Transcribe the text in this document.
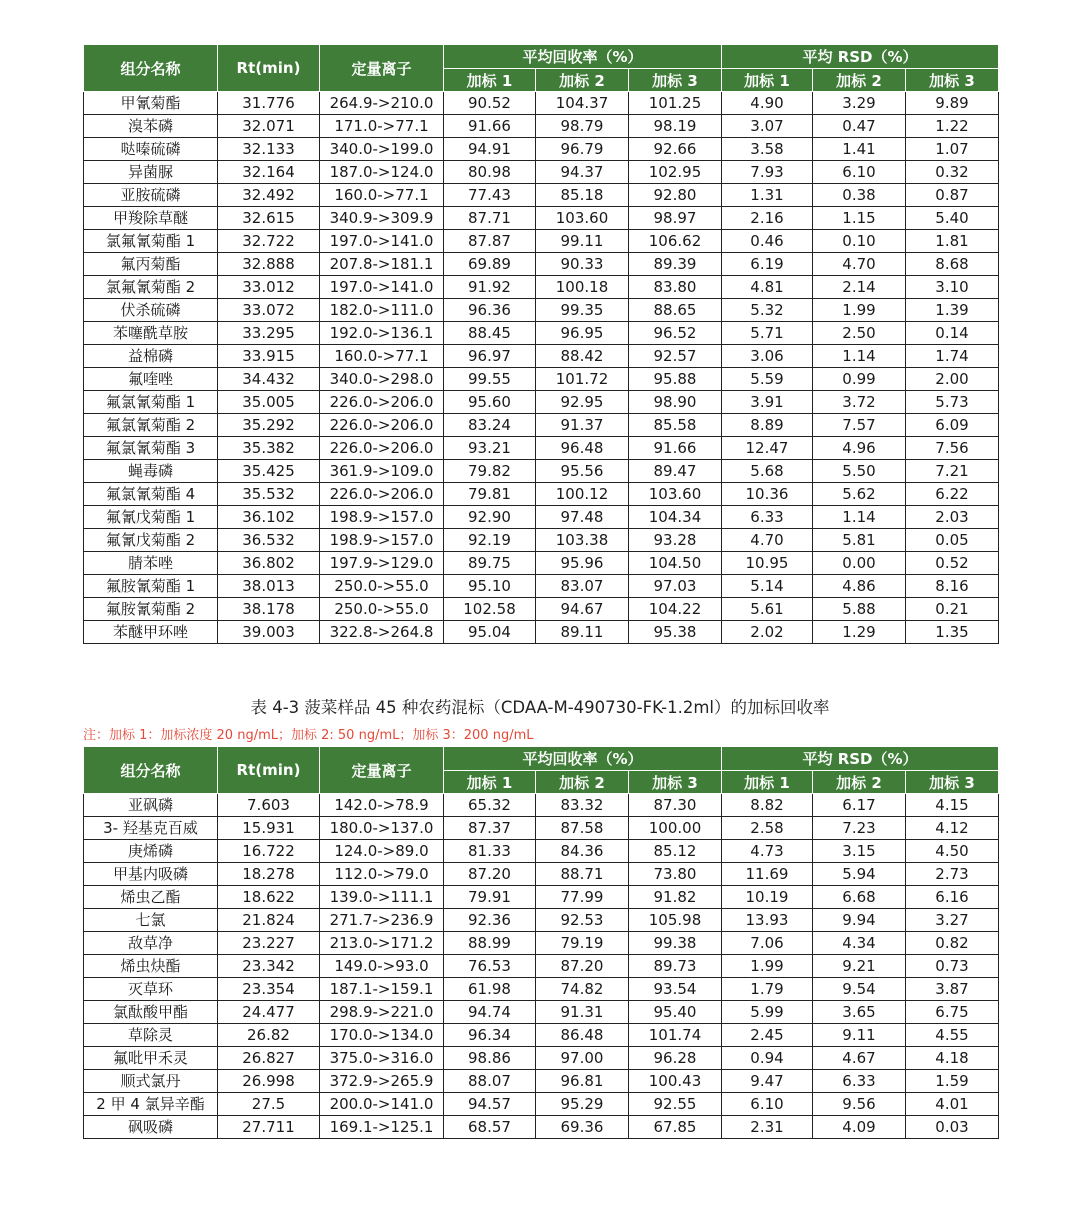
组分名称	Rt(min)	定量离子	平均回收率（%）			平均 RSD（%）		
			加标 1	加标 2	加标 3	加标 1	加标 2	加标 3
甲氰菊酯	31.776	264.9->210.0	90.52	104.37	101.25	4.90	3.29	9.89
溴苯磷	32.071	171.0->77.1	91.66	98.79	98.19	3.07	0.47	1.22
哒嗪硫磷	32.133	340.0->199.0	94.91	96.79	92.66	3.58	1.41	1.07
异菌脲	32.164	187.0->124.0	80.98	94.37	102.95	7.93	6.10	0.32
亚胺硫磷	32.492	160.0->77.1	77.43	85.18	92.80	1.31	0.38	0.87
甲羧除草醚	32.615	340.9->309.9	87.71	103.60	98.97	2.16	1.15	5.40
氯氟氰菊酯 1	32.722	197.0->141.0	87.87	99.11	106.62	0.46	0.10	1.81
氟丙菊酯	32.888	207.8->181.1	69.89	90.33	89.39	6.19	4.70	8.68
氯氟氰菊酯 2	33.012	197.0->141.0	91.92	100.18	83.80	4.81	2.14	3.10
伏杀硫磷	33.072	182.0->111.0	96.36	99.35	88.65	5.32	1.99	1.39
苯噻酰草胺	33.295	192.0->136.1	88.45	96.95	96.52	5.71	2.50	0.14
益棉磷	33.915	160.0->77.1	96.97	88.42	92.57	3.06	1.14	1.74
氟喹唑	34.432	340.0->298.0	99.55	101.72	95.88	5.59	0.99	2.00
氟氯氰菊酯 1	35.005	226.0->206.0	95.60	92.95	98.90	3.91	3.72	5.73
氟氯氰菊酯 2	35.292	226.0->206.0	83.24	91.37	85.58	8.89	7.57	6.09
氟氯氰菊酯 3	35.382	226.0->206.0	93.21	96.48	91.66	12.47	4.96	7.56
蝇毒磷	35.425	361.9->109.0	79.82	95.56	89.47	5.68	5.50	7.21
氟氯氰菊酯 4	35.532	226.0->206.0	79.81	100.12	103.60	10.36	5.62	6.22
氟氰戊菊酯 1	36.102	198.9->157.0	92.90	97.48	104.34	6.33	1.14	2.03
氟氰戊菊酯 2	36.532	198.9->157.0	92.19	103.38	93.28	4.70	5.81	0.05
腈苯唑	36.802	197.9->129.0	89.75	95.96	104.50	10.95	0.00	0.52
氟胺氰菊酯 1	38.013	250.0->55.0	95.10	83.07	97.03	5.14	4.86	8.16
氟胺氰菊酯 2	38.178	250.0->55.0	102.58	94.67	104.22	5.61	5.88	0.21
苯醚甲环唑	39.003	322.8->264.8	95.04	89.11	95.38	2.02	1.29	1.35
表 4-3 菠菜样品 45 种农药混标（CDAA-M-490730-FK-1.2ml）的加标回收率
注：加标 1：加标浓度 20 ng/mL；加标 2: 50 ng/mL；加标 3：200 ng/mL
组分名称	Rt(min)	定量离子	平均回收率（%）			平均 RSD（%）		
			加标 1	加标 2	加标 3	加标 1	加标 2	加标 3
亚砜磷	7.603	142.0->78.9	65.32	83.32	87.30	8.82	6.17	4.15
3- 羟基克百威	15.931	180.0->137.0	87.37	87.58	100.00	2.58	7.23	4.12
庚烯磷	16.722	124.0->89.0	81.33	84.36	85.12	4.73	3.15	4.50
甲基内吸磷	18.278	112.0->79.0	87.20	88.71	73.80	11.69	5.94	2.73
烯虫乙酯	18.622	139.0->111.1	79.91	77.99	91.82	10.19	6.68	6.16
七氯	21.824	271.7->236.9	92.36	92.53	105.98	13.93	9.94	3.27
敌草净	23.227	213.0->171.2	88.99	79.19	99.38	7.06	4.34	0.82
烯虫炔酯	23.342	149.0->93.0	76.53	87.20	89.73	1.99	9.21	0.73
灭草环	23.354	187.1->159.1	61.98	74.82	93.54	1.79	9.54	3.87
氯酞酸甲酯	24.477	298.9->221.0	94.74	91.31	95.40	5.99	3.65	6.75
草除灵	26.82	170.0->134.0	96.34	86.48	101.74	2.45	9.11	4.55
氟吡甲禾灵	26.827	375.0->316.0	98.86	97.00	96.28	0.94	4.67	4.18
顺式氯丹	26.998	372.9->265.9	88.07	96.81	100.43	9.47	6.33	1.59
2 甲 4 氯异辛酯	27.5	200.0->141.0	94.57	95.29	92.55	6.10	9.56	4.01
砜吸磷	27.711	169.1->125.1	68.57	69.36	67.85	2.31	4.09	0.03
